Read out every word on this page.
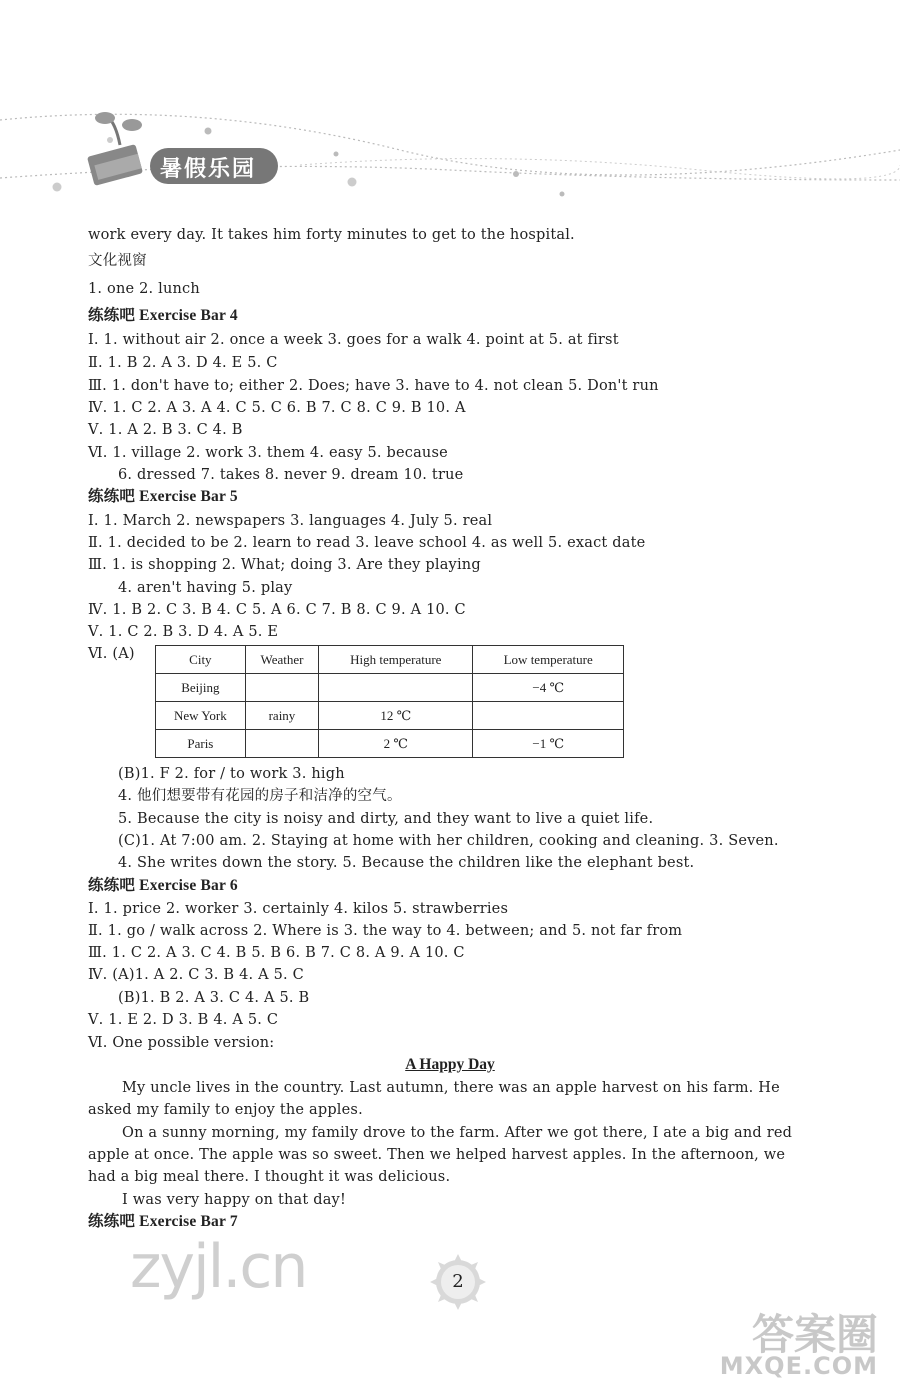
暑假乐园
work every day. It takes him forty minutes to get to the hospital.
文化视窗
1. one 2. lunch
练练吧 Exercise Bar 4
Ⅰ. 1. without air 2. once a week 3. goes for a walk 4. point at 5. at first
Ⅱ. 1. B 2. A 3. D 4. E 5. C
Ⅲ. 1. don't have to; either 2. Does; have 3. have to 4. not clean 5. Don't run
Ⅳ. 1. C 2. A 3. A 4. C 5. C 6. B 7. C 8. C 9. B 10. A
Ⅴ. 1. A 2. B 3. C 4. B
Ⅵ. 1. village 2. work 3. them 4. easy 5. because
6. dressed 7. takes 8. never 9. dream 10. true
练练吧 Exercise Bar 5
Ⅰ. 1. March 2. newspapers 3. languages 4. July 5. real
Ⅱ. 1. decided to be 2. learn to read 3. leave school 4. as well 5. exact date
Ⅲ. 1. is shopping 2. What; doing 3. Are they playing
4. aren't having 5. play
Ⅳ. 1. B 2. C 3. B 4. C 5. A 6. C 7. B 8. C 9. A 10. C
Ⅴ. 1. C 2. B 3. D 4. A 5. E
Ⅵ. (A)	City	Weather	High temperature	Low temperature
Beijing			−4 ℃
New York	rainy	12 ℃	
Paris		2 ℃	−1 ℃
(B)1. F 2. for / to work 3. high
4. 他们想要带有花园的房子和洁净的空气。
5. Because the city is noisy and dirty, and they want to live a quiet life.
(C)1. At 7:00 am. 2. Staying at home with her children, cooking and cleaning. 3. Seven.
4. She writes down the story. 5. Because the children like the elephant best.
练练吧 Exercise Bar 6
Ⅰ. 1. price 2. worker 3. certainly 4. kilos 5. strawberries
Ⅱ. 1. go / walk across 2. Where is 3. the way to 4. between; and 5. not far from
Ⅲ. 1. C 2. A 3. C 4. B 5. B 6. B 7. C 8. A 9. A 10. C
Ⅳ. (A)1. A 2. C 3. B 4. A 5. C
(B)1. B 2. A 3. C 4. A 5. B
Ⅴ. 1. E 2. D 3. B 4. A 5. C
Ⅵ. One possible version:
A Happy Day
My uncle lives in the country. Last autumn, there was an apple harvest on his farm. He
asked my family to enjoy the apples.
On a sunny morning, my family drove to the farm. After we got there, I ate a big and red
apple at once. The apple was so sweet. Then we helped harvest apples. In the afternoon, we
had a big meal there. I thought it was delicious.
I was very happy on that day!
练练吧 Exercise Bar 7
zyjl.cn	2
答案圈
MXQE.COM
